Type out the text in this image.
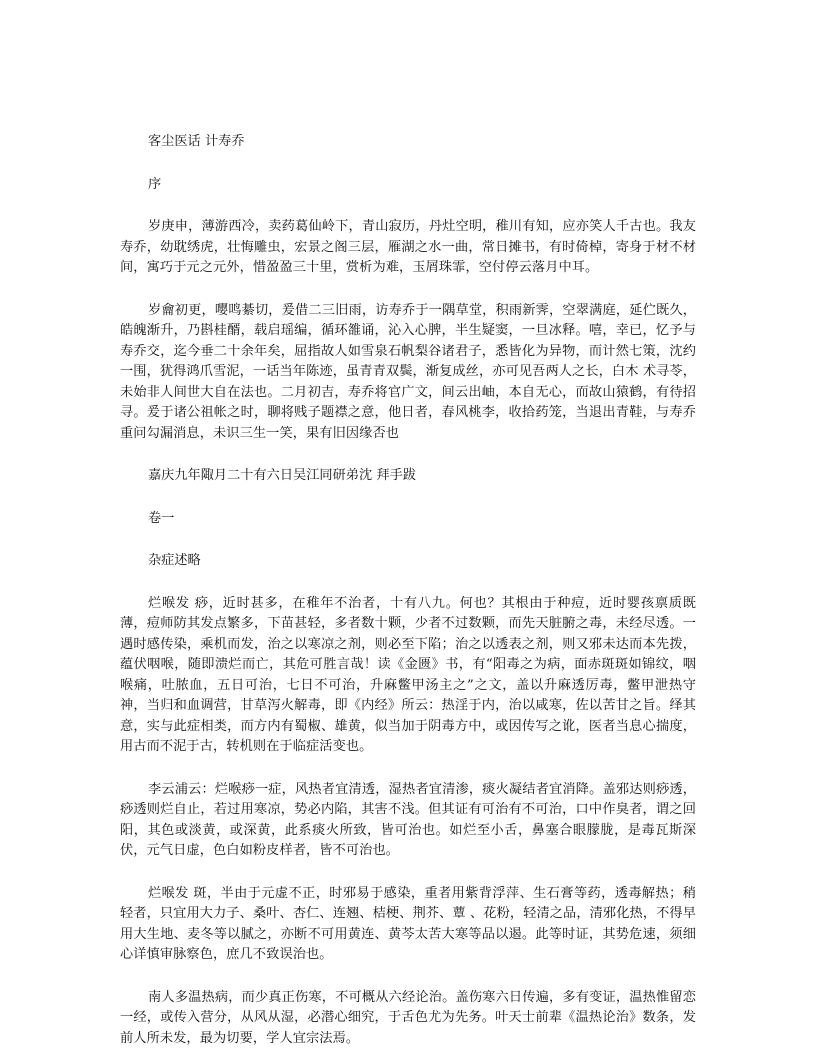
客尘医话 计寿乔

序

岁庚申，薄游西冷，卖药葛仙岭下，青山寂历，丹灶空明，稚川有知，应亦笑人千古也。我友寿乔，幼耽绣虎，壮悔雕虫，宏景之阁三层，雁湖之水一曲，常日摊书，有时倚棹，寄身于材不材间，寓巧于元之元外，惜盈盈三十里，赏析为难，玉屑珠霏，空付停云落月中耳。

岁龠初更，嘤鸣綦切，爰借二三旧雨，访寿乔于一隅草堂，积雨新霁，空翠满庭，延伫既久，皓魄渐升，乃斟桂醑，载启瑶编，循环雒诵，沁入心脾，半生疑窦，一旦冰释。嘻，幸已，忆予与寿乔交，迄今垂二十余年矣，屈指故人如雪泉石帆梨谷诸君子，悉皆化为异物，而计然七策，沈约一围，犹得鸿爪雪泥，一话当年陈迹，虽青青双鬓，渐复成丝，亦可见吾两人之长，白木 术寻苓，未始非人间世大自在法也。二月初吉，寿乔将官广文，间云出岫，本自无心，而故山猿鹤，有待招寻。爰于诸公祖帐之时，聊将贱子题襟之意，他日者，春风桃李，收拾药笼，当退出青鞋，与寿乔重问勾漏消息，未识三生一笑，果有旧因缘否也

嘉庆九年陬月二十有六日吴江同研弟沈 拜手跋

卷一

杂症述略

烂喉发 痧，近时甚多，在稚年不治者，十有八九。何也？其根由于种痘，近时婴孩禀质既薄，痘师防其发点繁多，下苗甚轻，多者数十颗，少者不过数颗，而先天脏腑之毒，未经尽透。一遇时感传染，乘机而发，治之以寒凉之剂，则必至下陷；治之以透表之剂，则又邪未达而本先拨，蕴伏咽喉，随即溃烂而亡，其危可胜言哉！读《金匮》书，有“阳毒之为病，面赤斑斑如锦纹，咽喉痛，吐脓血，五日可治，七日不可治，升麻鳖甲汤主之”之文，盖以升麻透厉毒，鳖甲泄热守神，当归和血调营，甘草泻火解毒，即《内经》所云：热淫于内，治以咸寒，佐以苦甘之旨。绎其意，实与此症相类，而方内有蜀椒、雄黄，似当加于阴毒方中，或因传写之讹，医者当息心揣度，用古而不泥于古，转机则在于临症活变也。

李云浦云：烂喉痧一症，风热者宜清透，湿热者宜清渗，痰火凝结者宜消降。盖邪达则痧透，痧透则烂自止，若过用寒凉，势必内陷，其害不浅。但其证有可治有不可治，口中作臭者，谓之回阳，其色或淡黄，或深黄，此系痰火所致，皆可治也。如烂至小舌，鼻塞合眼朦胧，是毒瓦斯深伏，元气日虚，色白如粉皮样者，皆不可治也。

烂喉发 斑，半由于元虚不正，时邪易于感染，重者用紫背浮萍、生石膏等药，透毒解热；稍轻者，只宜用大力子、桑叶、杏仁、连翘、桔梗、荆芥、蕈 、花粉，轻清之品，清邪化热，不得早用大生地、麦冬等以腻之，亦断不可用黄连、黄芩太苦大寒等品以遏。此等时证，其势危速，须细心详慎审脉察色，庶几不致误治也。

南人多温热病，而少真正伤寒，不可概从六经论治。盖伤寒六日传遍，多有变证，温热惟留恋一经，或传入营分，从风从湿，必潜心细究，于舌色尤为先务。叶天士前辈《温热论治》数条，发前人所未发，最为切要，学人宜宗法焉。
